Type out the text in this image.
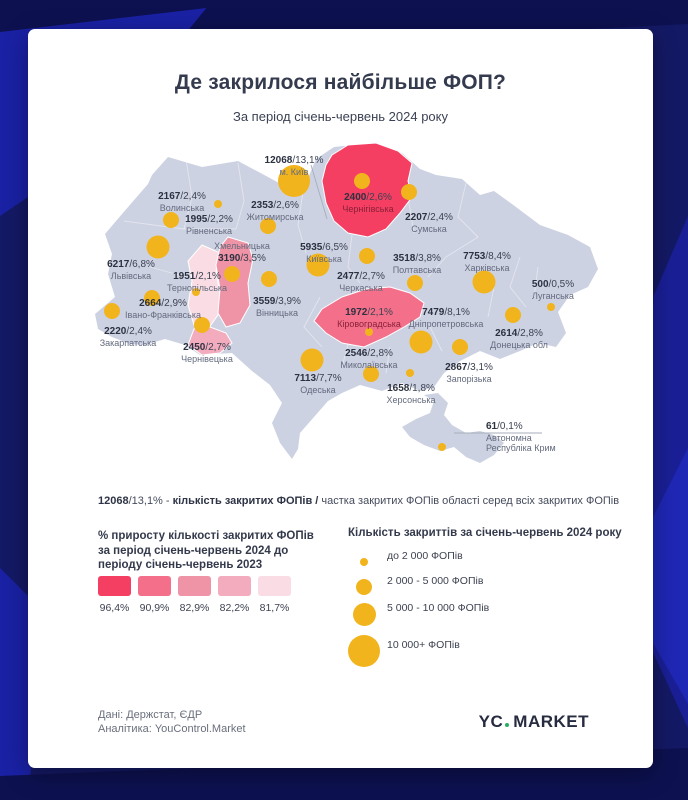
Де закрилося найбільше ФОП?
За період січень-червень 2024 року
12068/13,1%
м. Київ
2167/2,4%
Волинська
1995/2,2%
Рівненська
2353/2,6%
Житомирська
2400/2,6%
Чернігівська
2207/2,4%
Сумська
5935/6,5%
Київська
6217/6,8%
Львівська	1951/2,1%
Тернопільська
Хмельницька
3190/3,5%
2477/2,7%
Черкаська
3518/3,8%
Полтавська
7753/8,4%
Харківська
500/0,5%
Луганська
2664/2,9%
Івано-Франківська
2220/2,4%
Закарпатська	2450/2,7%
Чернівецька
3559/3,9%
Вінницька	1972/2,1%
Кіровоградська
7479/8,1%
Дніпропетровська
2614/2,8%
Донецька обл
2867/3,1%
Запорізька
2546/2,8%
Миколаївська
7113/7,7%
Одеська	1658/1,8%
Херсонська
61/0,1%
Автономна
Республіка Крим
12068/13,1% - кількість закритих ФОПів / частка закритих ФОПів області серед всіх закритих ФОПів
% приросту кількості закритих ФОПів
за період січень-червень 2024 до
періоду січень-червень 2023
96,4% 90,9% 82,9% 82,2% 81,7%
Кількість закриттів за січень-червень 2024 року
до 2 000 ФОПів
2 000 - 5 000 ФОПів
5 000 - 10 000 ФОПів
10 000+ ФОПів
Дані: Держстат, ЄДР
Аналітика: YouControl.Market	YC MARKET
